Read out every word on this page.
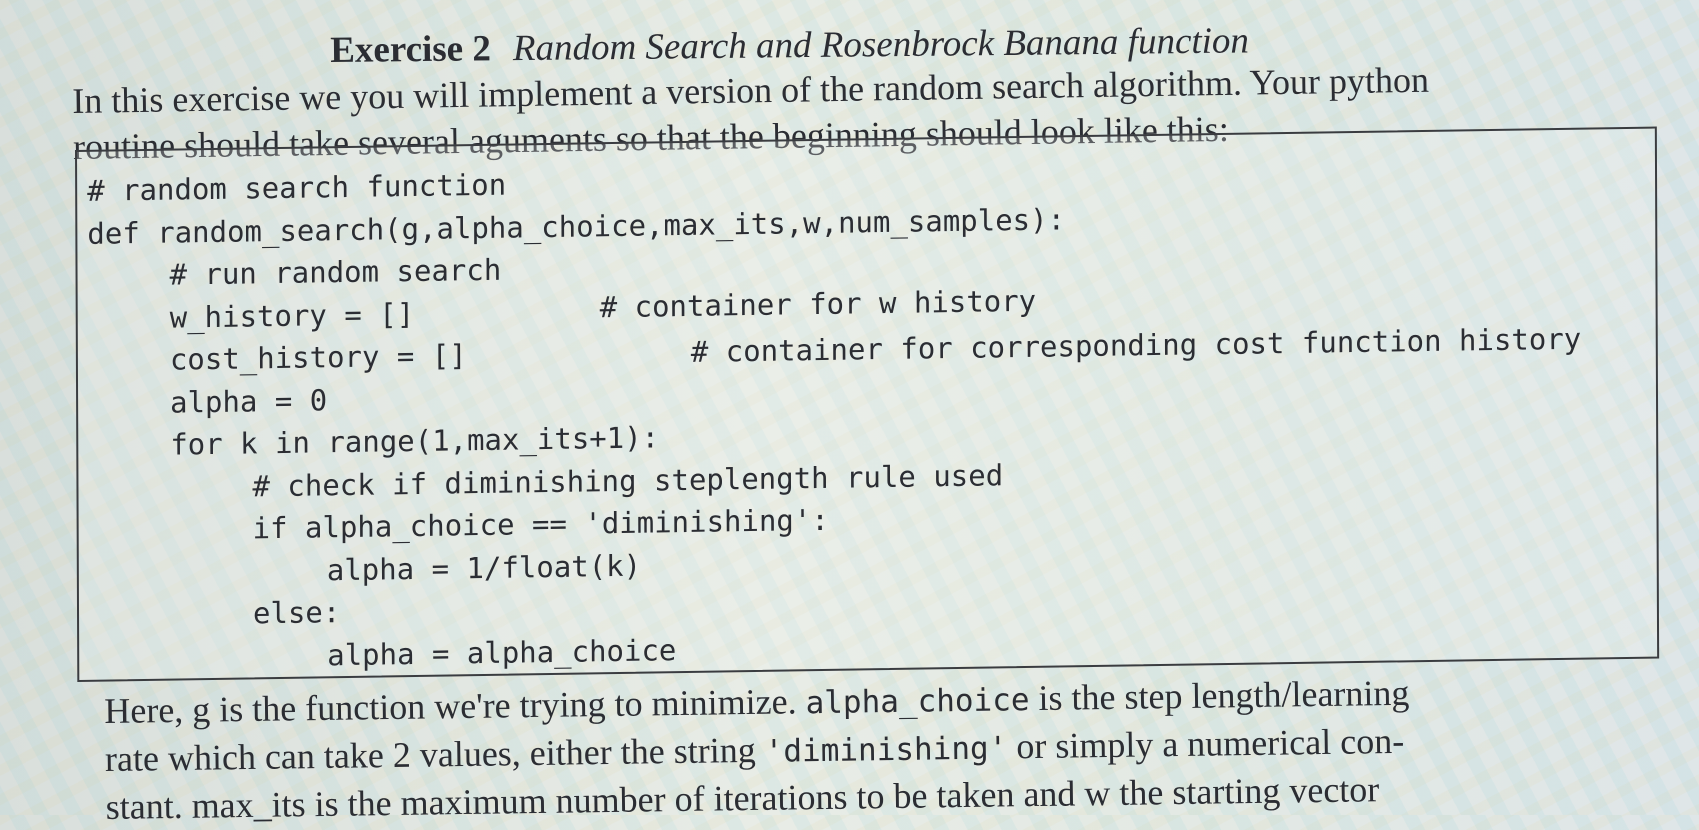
Exercise 2 Random Search and Rosenbrock Banana function

In this exercise we you will implement a version of the random search algorithm. Your python

routine should take several aguments so that the beginning should look like this:

# random search function
def random_search(g,alpha_choice,max_its,w,num_samples):
# run random search
w_history = []	# container for w history
cost_history = []	# container for corresponding cost function history
alpha = 0
for k in range(1,max_its+1):
# check if diminishing steplength rule used
if alpha_choice == 'diminishing':
alpha = 1/float(k)
else:
alpha = alpha_choice

Here, g is the function we're trying to minimize. alpha_choice is the step length/learning

rate which can take 2 values, either the string 'diminishing' or simply a numerical con-

stant. max_its is the maximum number of iterations to be taken and w the starting vector
